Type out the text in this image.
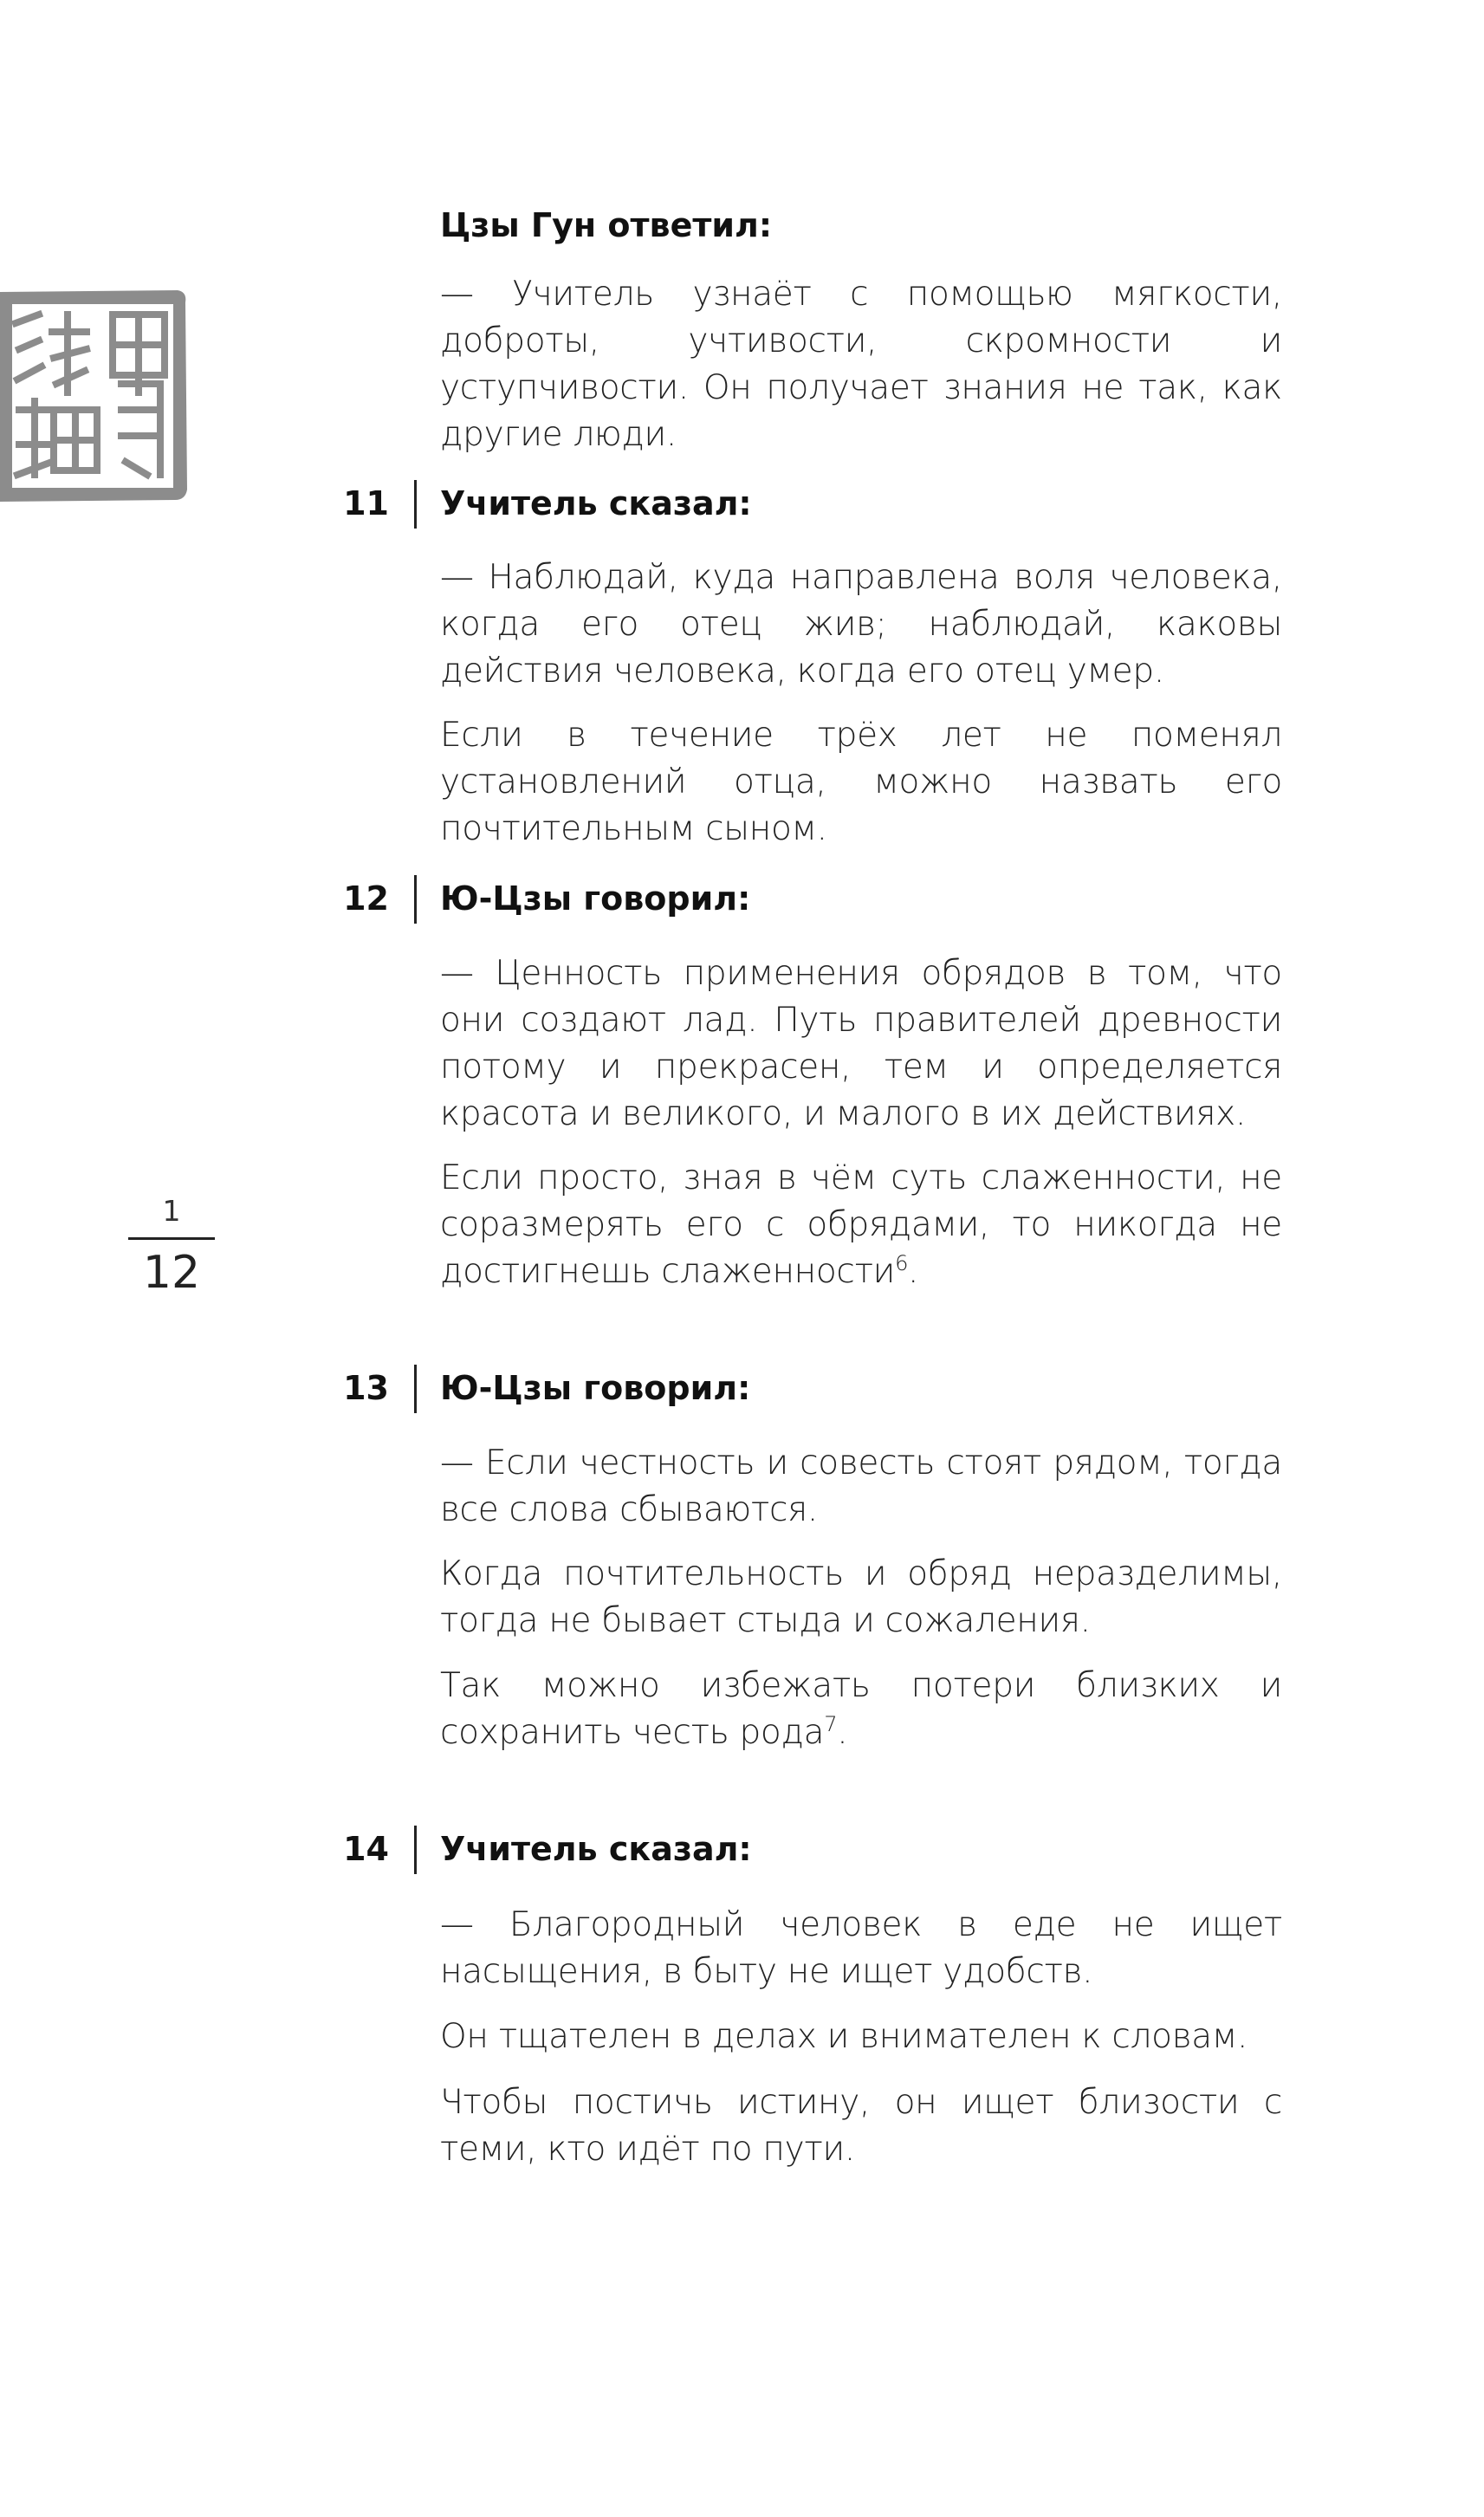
1
12
Цзы Гун ответил:

— Учитель узнаёт с помощью мягкости, доброты, учтивости, скромности и уступчивости. Он получает знания не так, как другие люди.

11 Учитель сказал:

— Наблюдай, куда направлена воля человека, когда его отец жив; наблюдай, каковы действия человека, когда его отец умер.

Если в течение трёх лет не поменял установлений отца, можно назвать его почтительным сыном.

12 Ю-Цзы говорил:

— Ценность применения обрядов в том, что они создают лад. Путь правителей древности потому и прекрасен, тем и определяется красота и великого, и малого в их действиях.

Если просто, зная в чём суть слаженности, не соразмерять его с обрядами, то никогда не достигнешь слаженности$^6$.

13 Ю-Цзы говорил:

— Если честность и совесть стоят рядом, тогда все слова сбываются.

Когда почтительность и обряд неразделимы, тогда не бывает стыда и сожаления.

Так можно избежать потери близких и сохранить честь рода$^7$.

14 Учитель сказал:

— Благородный человек в еде не ищет насыщения, в быту не ищет удобств.

Он тщателен в делах и внимателен к словам.

Чтобы постичь истину, он ищет близости с теми, кто идёт по пути.
